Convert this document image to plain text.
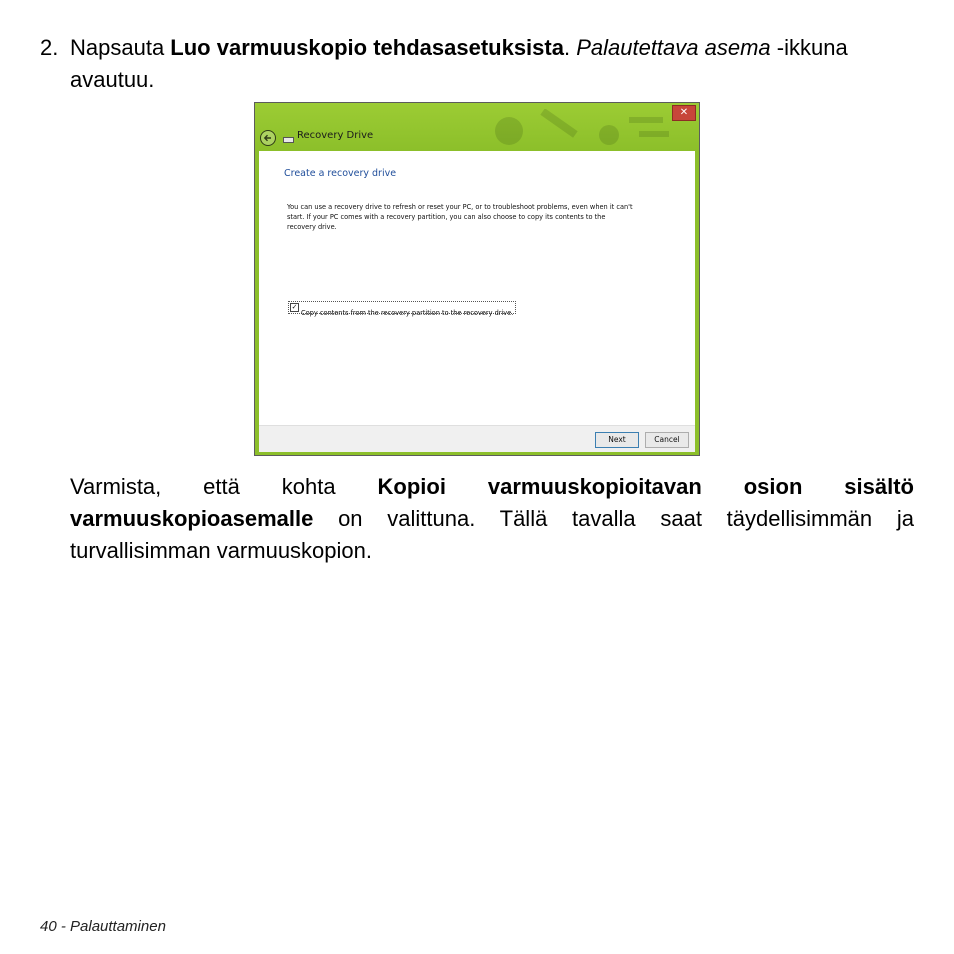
2. Napsauta Luo varmuuskopio tehdasasetuksista. Palautettava asema -ikkuna avautuu.
✕
Recovery Drive
Create a recovery drive
You can use a recovery drive to refresh or reset your PC, or to troubleshoot problems, even when it can't start. If your PC comes with a recovery partition, you can also choose to copy its contents to the recovery drive.
✓
Copy contents from the recovery partition to the recovery drive.
Next	Cancel
Varmista, että kohta Kopioi varmuuskopioitavan osion sisältö varmuuskopioasemalle on valittuna. Tällä tavalla saat täydellisimmän ja turvallisimman varmuuskopion.
40 - Palauttaminen
